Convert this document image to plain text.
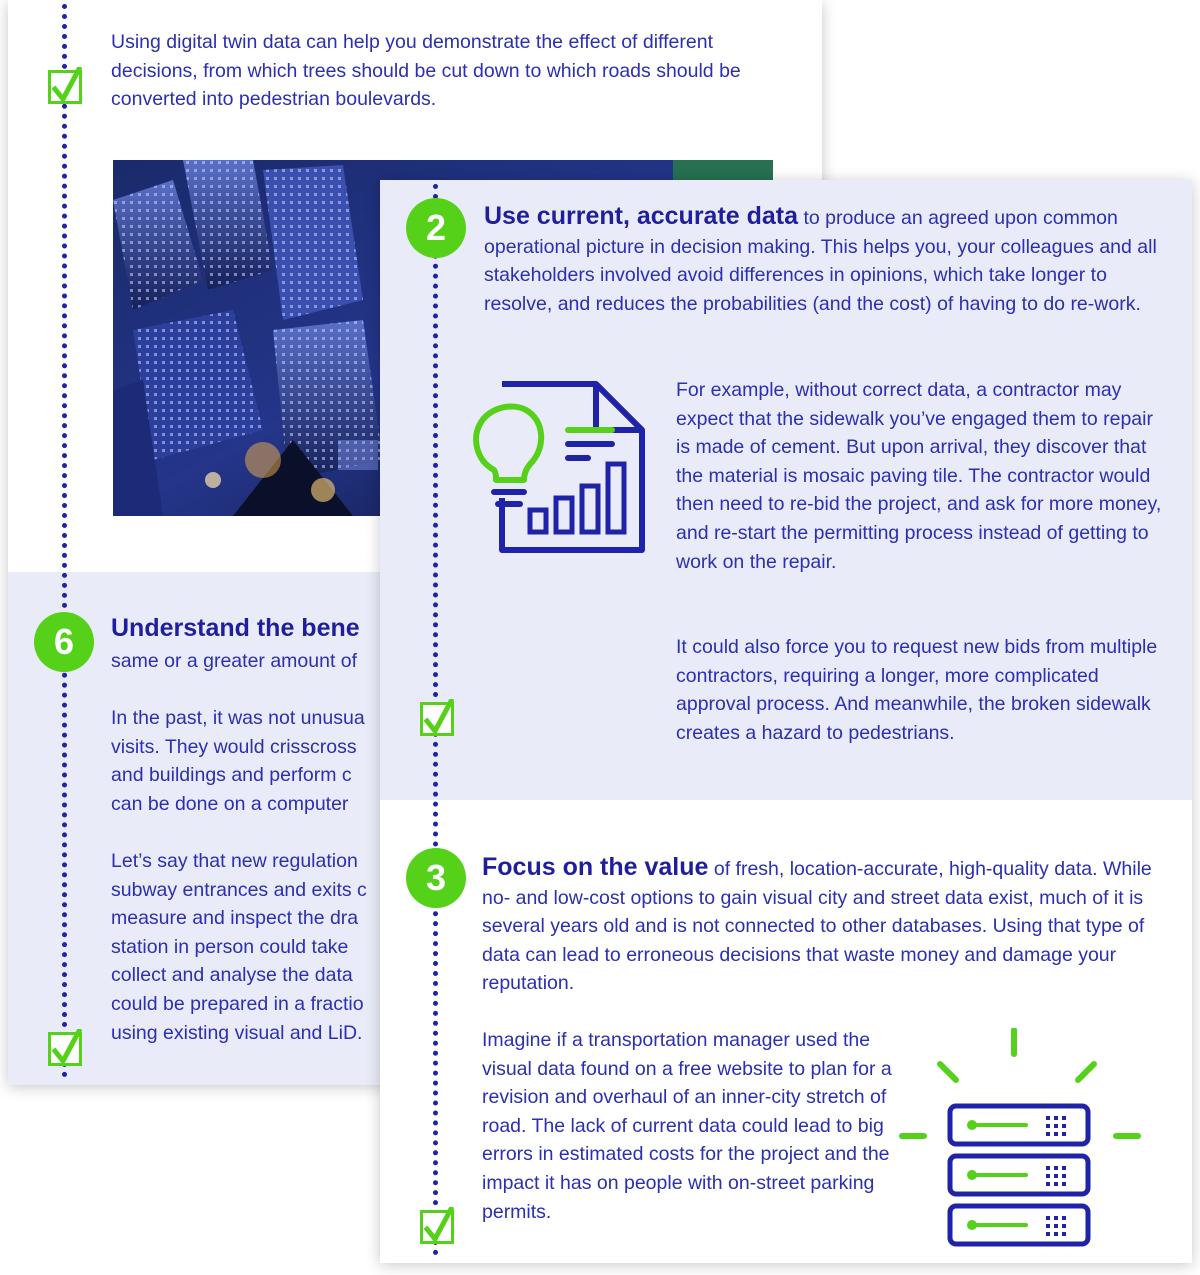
Using digital twin data can help you demonstrate the effect of different decisions, from which trees should be cut down to which roads should be converted into pedestrian boulevards.

6	Understand the bene

same or a greater amount of

In the past, it was not unusua visits. They would crisscross and buildings and perform c can be done on a computer

Let’s say that new regulation subway entrances and exits c measure and inspect the dra station in person could take collect and analyse the data could be prepared in a fractio using existing visual and LiD.

2	Use current, accurate data to produce an agreed upon common operational picture in decision making. This helps you, your colleagues and all stakeholders involved avoid differences in opinions, which take longer to resolve, and reduces the probabilities (and the cost) of having to do re-work.

For example, without correct data, a contractor may expect that the sidewalk you’ve engaged them to repair is made of cement. But upon arrival, they discover that the material is mosaic paving tile. The contractor would then need to re-bid the project, and ask for more money, and re-start the permitting process instead of getting to work on the repair.

It could also force you to request new bids from multiple contractors, requiring a longer, more complicated approval process. And meanwhile, the broken sidewalk creates a hazard to pedestrians.

3	Focus on the value of fresh, location-accurate, high-quality data. While no- and low-cost options to gain visual city and street data exist, much of it is several years old and is not connected to other databases. Using that type of data can lead to erroneous decisions that waste money and damage your reputation.

Imagine if a transportation manager used the visual data found on a free website to plan for a revision and overhaul of an inner-city stretch of road. The lack of current data could lead to big errors in estimated costs for the project and the impact it has on people with on-street parking permits.
